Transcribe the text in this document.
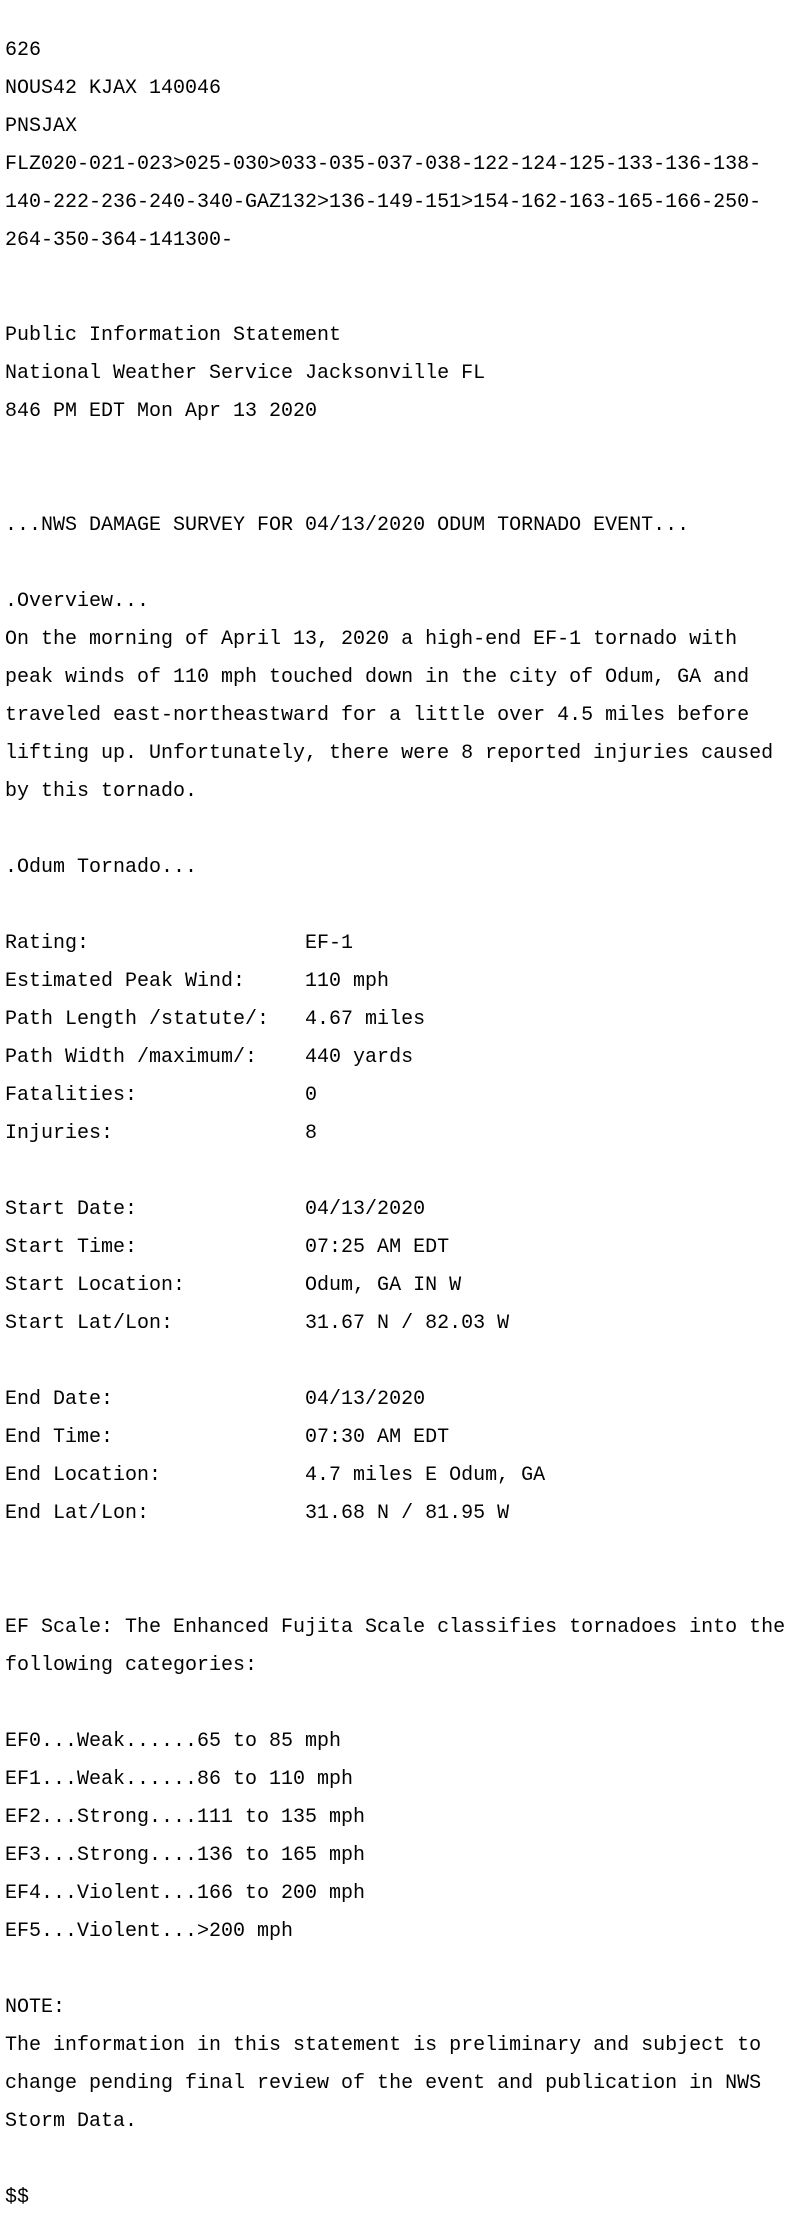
626

NOUS42 KJAX 140046

PNSJAX

FLZ020-021-023>025-030>033-035-037-038-122-124-125-133-136-138-

140-222-236-240-340-GAZ132>136-149-151>154-162-163-165-166-250-

264-350-364-141300-

Public Information Statement

National Weather Service Jacksonville FL

846 PM EDT Mon Apr 13 2020

...NWS DAMAGE SURVEY FOR 04/13/2020 ODUM TORNADO EVENT...

.Overview...

On the morning of April 13, 2020 a high-end EF-1 tornado with

peak winds of 110 mph touched down in the city of Odum, GA and

traveled east-northeastward for a little over 4.5 miles before

lifting up. Unfortunately, there were 8 reported injuries caused

by this tornado.

.Odum Tornado...

Rating:                  EF-1

Estimated Peak Wind:     110 mph

Path Length /statute/:   4.67 miles

Path Width /maximum/:    440 yards

Fatalities:              0

Injuries:                8

Start Date:              04/13/2020

Start Time:              07:25 AM EDT

Start Location:          Odum, GA IN W

Start Lat/Lon:           31.67 N / 82.03 W

End Date:                04/13/2020

End Time:                07:30 AM EDT

End Location:            4.7 miles E Odum, GA

End Lat/Lon:             31.68 N / 81.95 W

EF Scale: The Enhanced Fujita Scale classifies tornadoes into the

following categories:

EF0...Weak......65 to 85 mph

EF1...Weak......86 to 110 mph

EF2...Strong....111 to 135 mph

EF3...Strong....136 to 165 mph

EF4...Violent...166 to 200 mph

EF5...Violent...>200 mph

NOTE:

The information in this statement is preliminary and subject to

change pending final review of the event and publication in NWS

Storm Data.

$$
